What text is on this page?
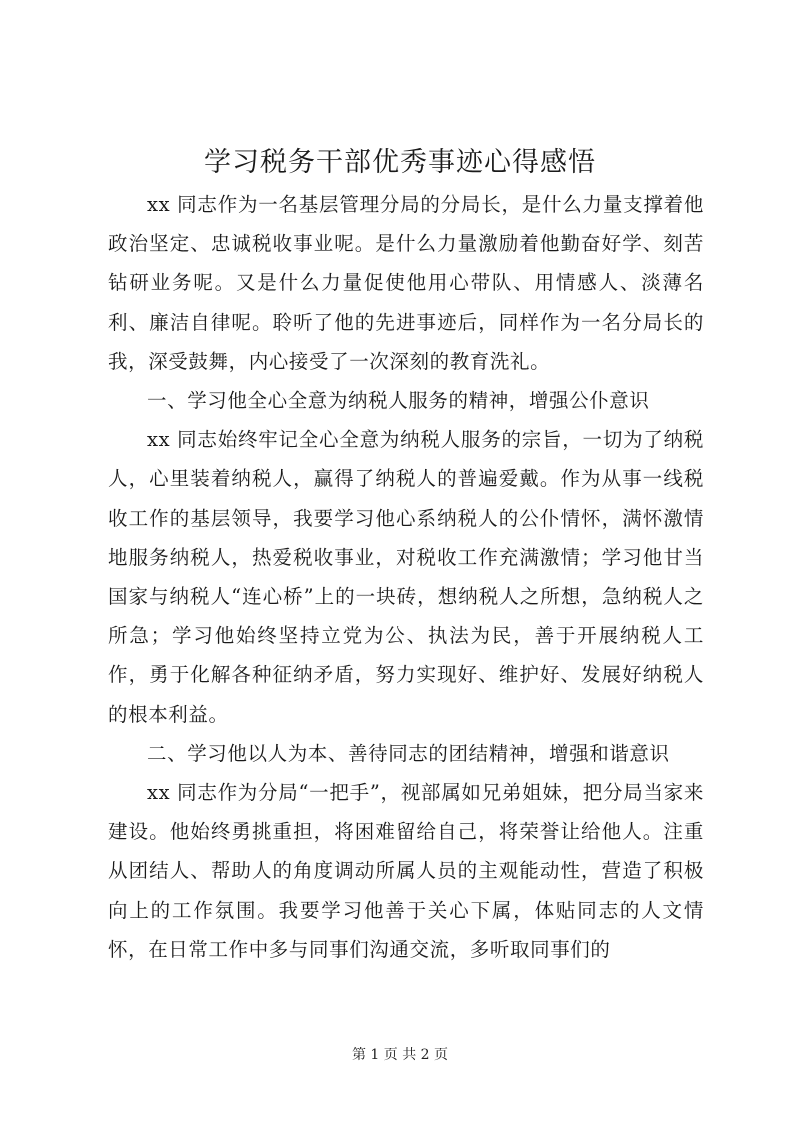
学习税务干部优秀事迹心得感悟

xx 同志作为一名基层管理分局的分局长，是什么力量支撑着他政治坚定、忠诚税收事业呢。是什么力量激励着他勤奋好学、刻苦钻研业务呢。又是什么力量促使他用心带队、用情感人、淡薄名利、廉洁自律呢。聆听了他的先进事迹后，同样作为一名分局长的我，深受鼓舞，内心接受了一次深刻的教育洗礼。

一、学习他全心全意为纳税人服务的精神，增强公仆意识

xx 同志始终牢记全心全意为纳税人服务的宗旨，一切为了纳税人，心里装着纳税人，赢得了纳税人的普遍爱戴。作为从事一线税收工作的基层领导，我要学习他心系纳税人的公仆情怀，满怀激情地服务纳税人，热爱税收事业，对税收工作充满激情；学习他甘当国家与纳税人“连心桥”上的一块砖，想纳税人之所想，急纳税人之所急；学习他始终坚持立党为公、执法为民，善于开展纳税人工作，勇于化解各种征纳矛盾，努力实现好、维护好、发展好纳税人的根本利益。

二、学习他以人为本、善待同志的团结精神，增强和谐意识

xx 同志作为分局“一把手”，视部属如兄弟姐妹，把分局当家来建设。他始终勇挑重担，将困难留给自己，将荣誉让给他人。注重从团结人、帮助人的角度调动所属人员的主观能动性，营造了积极向上的工作氛围。我要学习他善于关心下属，体贴同志的人文情怀，在日常工作中多与同事们沟通交流，多听取同事们的

第 1 页 共 2 页
